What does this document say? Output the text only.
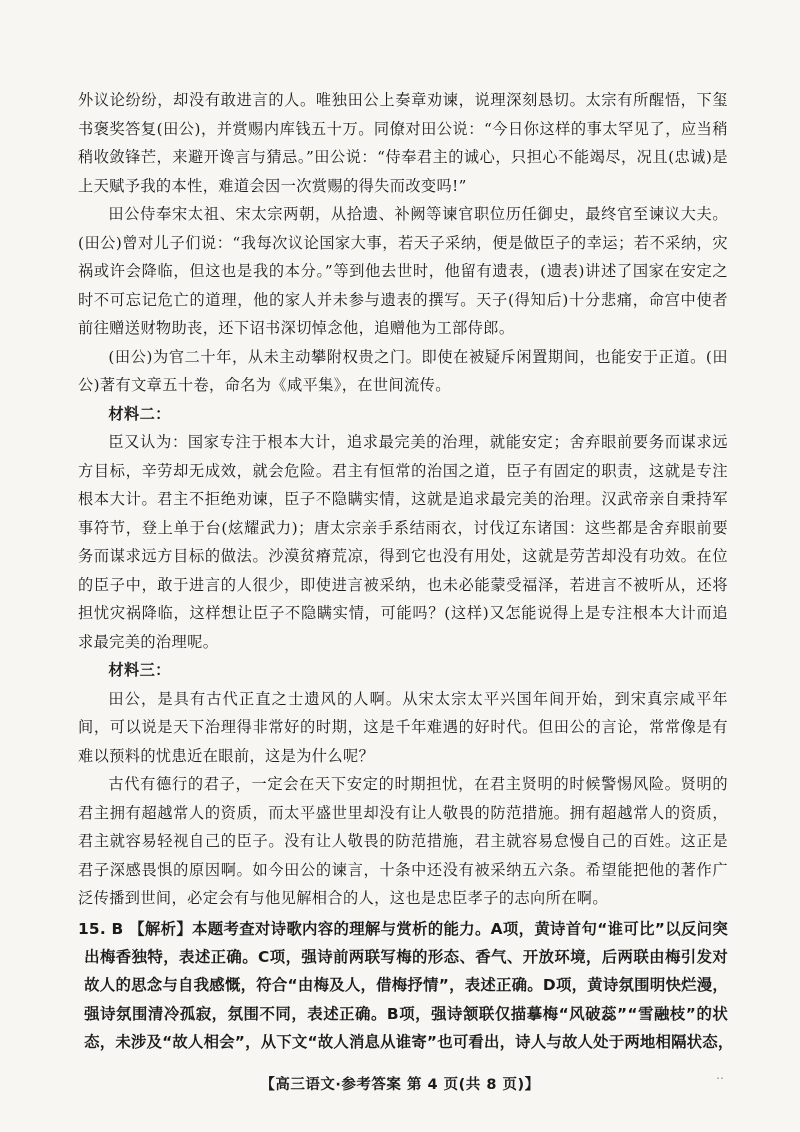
外议论纷纷，却没有敢进言的人。唯独田公上奏章劝谏，说理深刻恳切。太宗有所醒悟，下玺书褒奖答复(田公)，并赏赐内库钱五十万。同僚对田公说：“今日你这样的事太罕见了，应当稍稍收敛锋芒，来避开谗言与猜忌。”田公说：“侍奉君主的诚心，只担心不能竭尽，况且(忠诚)是上天赋予我的本性，难道会因一次赏赐的得失而改变吗!”

田公侍奉宋太祖、宋太宗两朝，从拾遗、补阙等谏官职位历任御史，最终官至谏议大夫。(田公)曾对儿子们说：“我每次议论国家大事，若天子采纳，便是做臣子的幸运；若不采纳，灾祸或许会降临，但这也是我的本分。”等到他去世时，他留有遗表，(遗表)讲述了国家在安定之时不可忘记危亡的道理，他的家人并未参与遗表的撰写。天子(得知后)十分悲痛，命宫中使者前往赠送财物助丧，还下诏书深切悼念他，追赠他为工部侍郎。

(田公)为官二十年，从未主动攀附权贵之门。即使在被疑斥闲置期间，也能安于正道。(田公)著有文章五十卷，命名为《咸平集》，在世间流传。

材料二：

臣又认为：国家专注于根本大计，追求最完美的治理，就能安定；舍弃眼前要务而谋求远方目标，辛劳却无成效，就会危险。君主有恒常的治国之道，臣子有固定的职责，这就是专注根本大计。君主不拒绝劝谏，臣子不隐瞒实情，这就是追求最完美的治理。汉武帝亲自秉持军事符节，登上单于台(炫耀武力)；唐太宗亲手系结雨衣，讨伐辽东诸国：这些都是舍弃眼前要务而谋求远方目标的做法。沙漠贫瘠荒凉，得到它也没有用处，这就是劳苦却没有功效。在位的臣子中，敢于进言的人很少，即使进言被采纳，也未必能蒙受福泽，若进言不被听从，还将担忧灾祸降临，这样想让臣子不隐瞒实情，可能吗？(这样)又怎能说得上是专注根本大计而追求最完美的治理呢。

材料三：

田公，是具有古代正直之士遗风的人啊。从宋太宗太平兴国年间开始，到宋真宗咸平年间，可以说是天下治理得非常好的时期，这是千年难遇的好时代。但田公的言论，常常像是有难以预料的忧患近在眼前，这是为什么呢？

古代有德行的君子，一定会在天下安定的时期担忧，在君主贤明的时候警惕风险。贤明的君主拥有超越常人的资质，而太平盛世里却没有让人敬畏的防范措施。拥有超越常人的资质，君主就容易轻视自己的臣子。没有让人敬畏的防范措施，君主就容易怠慢自己的百姓。这正是君子深感畏惧的原因啊。如今田公的谏言，十条中还没有被采纳五六条。希望能把他的著作广泛传播到世间，必定会有与他见解相合的人，这也是忠臣孝子的志向所在啊。

15. B 【解析】本题考查对诗歌内容的理解与赏析的能力。A项，黄诗首句“谁可比”以反问突
出梅香独特，表述正确。C项，强诗前两联写梅的形态、香气、开放环境，后两联由梅引发对
故人的思念与自我感慨，符合“由梅及人，借梅抒情”，表述正确。D项，黄诗氛围明快烂漫，
强诗氛围清冷孤寂，氛围不同，表述正确。B项，强诗颔联仅描摹梅“风破蕊”“雪融枝”的状
态，未涉及“故人相会”，从下文“故人消息从谁寄”也可看出，诗人与故人处于两地相隔状态，
【高三语文·参考答案 第 4 页(共 8 页)】
‥
